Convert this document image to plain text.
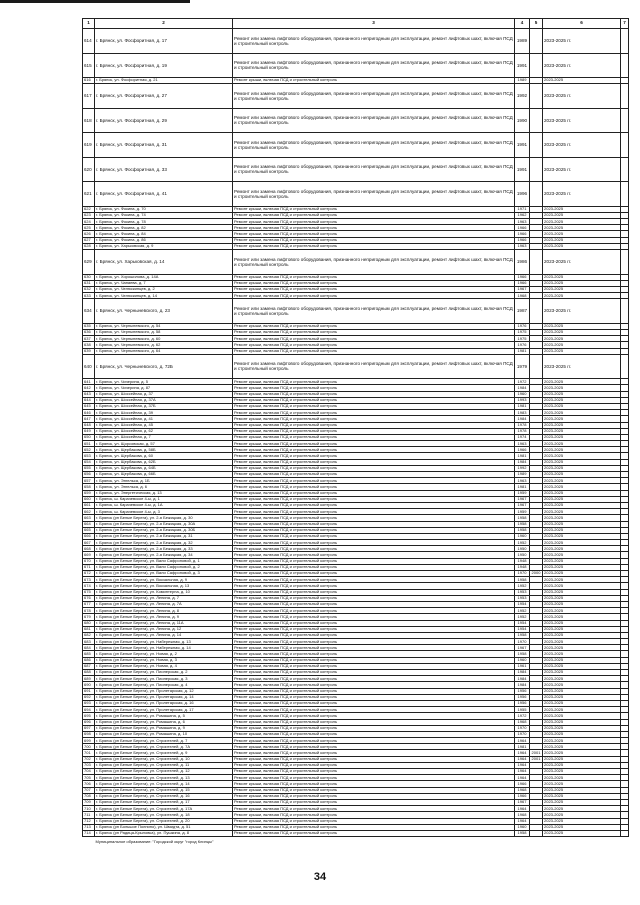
1	2	3	4	5	6	7
614	г. Брянск, ул. Фосфоритная, д. 17	Ремонт или замена лифтового оборудования, признанного непригодным для эксплуатации, ремонт лифтовых шахт, включая ПСД и строительный контроль	1989		2023-2025 гг.	
615	г. Брянск, ул. Фосфоритная, д. 19	Ремонт или замена лифтового оборудования, признанного непригодным для эксплуатации, ремонт лифтовых шахт, включая ПСД и строительный контроль	1991		2023-2025 гг.	
616	г. Брянск, ул. Фосфоритная, д. 21	Ремонт крыши, включая ПСД и строительный контроль	1989		2023-2025	
617	г. Брянск, ул. Фосфоритная, д. 27	Ремонт или замена лифтового оборудования, признанного непригодным для эксплуатации, ремонт лифтовых шахт, включая ПСД и строительный контроль	1992		2023-2025 гг.	
618	г. Брянск, ул. Фосфоритная, д. 29	Ремонт или замена лифтового оборудования, признанного непригодным для эксплуатации, ремонт лифтовых шахт, включая ПСД и строительный контроль	1990		2023-2025 гг.	
619	г. Брянск, ул. Фосфоритная, д. 31	Ремонт или замена лифтового оборудования, признанного непригодным для эксплуатации, ремонт лифтовых шахт, включая ПСД и строительный контроль	1991		2023-2025 гг.	
620	г. Брянск, ул. Фосфоритная, д. 33	Ремонт или замена лифтового оборудования, признанного непригодным для эксплуатации, ремонт лифтовых шахт, включая ПСД и строительный контроль	1991		2023-2025 гг.	
621	г. Брянск, ул. Фосфоритная, д. 41	Ремонт или замена лифтового оборудования, признанного непригодным для эксплуатации, ремонт лифтовых шахт, включая ПСД и строительный контроль	1996		2023-2025 гг.	
622	г. Брянск, ул. Фокина, д. 70	Ремонт крыши, включая ПСД и строительный контроль	1971		2023-2025	
623	г. Брянск, ул. Фокина, д. 74	Ремонт крыши, включая ПСД и строительный контроль	1962		2023-2025	
624	г. Брянск, ул. Фокина, д. 78	Ремонт крыши, включая ПСД и строительный контроль	1963		2023-2025	
625	г. Брянск, ул. Фокина, д. 82	Ремонт крыши, включая ПСД и строительный контроль	1966		2023-2025	
626	г. Брянск, ул. Фокина, д. 84	Ремонт крыши, включая ПСД и строительный контроль	1966		2023-2025	
627	г. Брянск, ул. Фокина, д. 86	Ремонт крыши, включая ПСД и строительный контроль	1966		2023-2025	
628	г. Брянск, ул. Харьковская, д. 9	Ремонт крыши, включая ПСД и строительный контроль	1963		2023-2025	
629	г. Брянск, ул. Харьковская, д. 14	Ремонт или замена лифтового оборудования, признанного непригодным для эксплуатации, ремонт лифтовых шахт, включая ПСД и строительный контроль	1986		2023-2025 гг.	
630	г. Брянск, ул. Хорошилова, д. 14А	Ремонт крыши, включая ПСД и строительный контроль	1966		2023-2025	
631	г. Брянск, ул. Чапаева, д. 7	Ремонт крыши, включая ПСД и строительный контроль	1966		2023-2025	
632	г. Брянск, ул. Челюскинцев, д. 2	Ремонт крыши, включая ПСД и строительный контроль	1967		2023-2025	
633	г. Брянск, ул. Челюскинцев, д. 14	Ремонт крыши, включая ПСД и строительный контроль	1968		2023-2025	
634	г. Брянск, ул. Черныневского, д. 23	Ремонт или замена лифтового оборудования, признанного непригодным для эксплуатации, ремонт лифтовых шахт, включая ПСД и строительный контроль	1987		2023-2025 гг.	
635	г. Брянск, ул. Черныневского, д. 54	Ремонт крыши, включая ПСД и строительный контроль	1976		2023-2025	
636	г. Брянск, ул. Черныневского, д. 58	Ремонт крыши, включая ПСД и строительный контроль	1975		2023-2025	
637	г. Брянск, ул. Черныневского, д. 60	Ремонт крыши, включая ПСД и строительный контроль	1975		2023-2025	
638	г. Брянск, ул. Черныневского, д. 62	Ремонт крыши, включая ПСД и строительный контроль	1976		2023-2025	
639	г. Брянск, ул. Черныневского, д. 64	Ремонт крыши, включая ПСД и строительный контроль	1981		2023-2025	
640	г. Брянск, ул. Черныневского, д. 72Б	Ремонт или замена лифтового оборудования, признанного непригодным для эксплуатации, ремонт лифтовых шахт, включая ПСД и строительный контроль	1979		2023-2025 гг.	
641	г. Брянск, ул. Чичерина, д. 5	Ремонт крыши, включая ПСД и строительный контроль	1972		2023-2025	
642	г. Брянск, ул. Чичерина, д. 87	Ремонт крыши, включая ПСД и строительный контроль	1984		2023-2025	
643	г. Брянск, ул. Шоссейная, д. 37	Ремонт крыши, включая ПСД и строительный контроль	1960		2023-2025	
644	г. Брянск, ул. Шоссейная, д. 37А	Ремонт крыши, включая ПСД и строительный контроль	1993		2023-2025	
645	г. Брянск, ул. Шоссейная, д. 37Б	Ремонт крыши, включая ПСД и строительный контроль	1981		2023-2025	
646	г. Брянск, ул. Шоссейная, д. 39	Ремонт крыши, включая ПСД и строительный контроль	1983		2023-2025	
647	г. Брянск, ул. Шоссейная, д. 41	Ремонт крыши, включая ПСД и строительный контроль	1984		2023-2025	
648	г. Брянск, ул. Шоссейная, д. 45	Ремонт крыши, включая ПСД и строительный контроль	1978		2023-2025	
649	г. Брянск, ул. Шоссейная, д. 62	Ремонт крыши, включая ПСД и строительный контроль	1978		2023-2025	
650	г. Брянск, ул. Шоссейная, д. 7	Ремонт крыши, включая ПСД и строительный контроль	1974		2023-2025	
651	г. Брянск, ул. Щорсовская, д. 57	Ремонт крыши, включая ПСД и строительный контроль	1963		2023-2025	
652	г. Брянск, ул. Щербакова, д. 58Б	Ремонт крыши, включая ПСД и строительный контроль	1966		2023-2025	
653	г. Брянск, ул. Щербакова, д. 60	Ремонт крыши, включая ПСД и строительный контроль	1981		2023-2025	
654	г. Брянск, ул. Щербакова, д. 62Б	Ремонт крыши, включая ПСД и строительный контроль	1984		2023-2025	
655	г. Брянск, ул. Щербакова, д. 64Б	Ремонт крыши, включая ПСД и строительный контроль	1992		2023-2025	
656	г. Брянск, ул. Щербакова, д. 66Б	Ремонт крыши, включая ПСД и строительный контроль	1989		2023-2025	
657	г. Брянск, ул. Энгельса, д. 1Б	Ремонт крыши, включая ПСД и строительный контроль	1963		2023-2025	
658	г. Брянск, ул. Энгельса, д. 6	Ремонт крыши, включая ПСД и строительный контроль	1981		2023-2025	
659	г. Брянск, ул. Энергетическая, д. 13	Ремонт крыши, включая ПСД и строительный контроль	1959		2023-2025	
660	г. Брянск, ш. Карачевское 4-ы, д. 1	Ремонт крыши, включая ПСД и строительный контроль	1967		2023-2025	
661	г. Брянск, ш. Карачевское 4-ы, д. 1А	Ремонт крыши, включая ПСД и строительный контроль	1967		2023-2025	
662	г. Брянск, ш. Карачевское 4-ы, д. 3	Ремонт крыши, включая ПСД и строительный контроль	1959		2023-2025	
663	г. Брянск (рп Белые Берега), ул. 2-я Бежицкая, д. 30	Ремонт крыши, включая ПСД и строительный контроль	1958		2023-2025	
664	г. Брянск (рп Белые Берега), ул. 2-я Бежицкая, д. 30А	Ремонт крыши, включая ПСД и строительный контроль	1958		2023-2025	
665	г. Брянск (рп Белые Берега), ул. 2-я Бежицкая, д. 30Б	Ремонт крыши, включая ПСД и строительный контроль	1958		2023-2025	
666	г. Брянск (рп Белые Берега), ул. 2-я Бежицкая, д. 31	Ремонт крыши, включая ПСД и строительный контроль	1960		2023-2025	
667	г. Брянск (рп Белые Берега), ул. 2-я Бежицкая, д. 32	Ремонт крыши, включая ПСД и строительный контроль	1952		2023-2025	
668	г. Брянск (рп Белые Берега), ул. 2-я Бежицкая, д. 33	Ремонт крыши, включая ПСД и строительный контроль	1950		2023-2025	
669	г. Брянск (рп Белые Берега), ул. 2-я Бежицкая, д. 34	Ремонт крыши, включая ПСД и строительный контроль	1950		2023-2025	
670	г. Брянск (рп Белые Берега), ул. Вали Сафроновой, д. 1	Ремонт крыши, включая ПСД и строительный контроль	1948		2023-2025	
671	г. Брянск (рп Белые Берега), ул. Вали Сафроновой, д. 2	Ремонт крыши, включая ПСД и строительный контроль	1948		2023-2025	
672	г. Брянск (рп Белые Берега), ул. Вали Сафроновой, д. 3	Ремонт крыши, включая ПСД и строительный контроль	1970	2000	2023-2025	
673	г. Брянск (рп Белые Берега), ул. Вокзальная, д. 9	Ремонт крыши, включая ПСД и строительный контроль	1958		2023-2025	
674	г. Брянск (рп Белые Берега), ул. Вокзальная, д. 13	Ремонт крыши, включая ПСД и строительный контроль	1952		2023-2025	
675	г. Брянск (рп Белые Берега), ул. Коминтерна, д. 10	Ремонт крыши, включая ПСД и строительный контроль	1953		2023-2025	
676	г. Брянск (рп Белые Берега), ул. Ленина, д. 7	Ремонт крыши, включая ПСД и строительный контроль	1953		2023-2025	
677	г. Брянск (рп Белые Берега), ул. Ленина, д. 7А	Ремонт крыши, включая ПСД и строительный контроль	1954		2023-2025	
678	г. Брянск (рп Белые Берега), ул. Ленина, д. 8	Ремонт крыши, включая ПСД и строительный контроль	1952		2023-2025	
679	г. Брянск (рп Белые Берега), ул. Ленина, д. 9	Ремонт крыши, включая ПСД и строительный контроль	1952		2023-2025	
680	г. Брянск (рп Белые Берега), ул. Ленина, д. 11А	Ремонт крыши, включая ПСД и строительный контроль	1954		2023-2025	
681	г. Брянск (рп Белые Берега), ул. Ленина, д. 12	Ремонт крыши, включая ПСД и строительный контроль	1954		2023-2025	
682	г. Брянск (рп Белые Берега), ул. Ленина, д. 14	Ремонт крыши, включая ПСД и строительный контроль	1958		2023-2025	
683	г. Брянск (рп Белые Берега), ул. Набережная, д. 13	Ремонт крыши, включая ПСД и строительный контроль	1970		2023-2025	
684	г. Брянск (рп Белые Берега), ул. Набережная, д. 14	Ремонт крыши, включая ПСД и строительный контроль	1967		2023-2025	
685	г. Брянск (рп Белые Берега), ул. Новая, д. 2	Ремонт крыши, включая ПСД и строительный контроль	1958		2023-2025	
686	г. Брянск (рп Белые Берега), ул. Новая, д. 3	Ремонт крыши, включая ПСД и строительный контроль	1960		2023-2025	
687	г. Брянск (рп Белые Берега), ул. Новая, д. 4	Ремонт крыши, включая ПСД и строительный контроль	1961		2023-2025	
688	г. Брянск (рп Белые Берега), ул. Пионерская, д. 2	Ремонт крыши, включая ПСД и строительный контроль	1984		2023-2025	
689	г. Брянск (рп Белые Берега), ул. Пионерская, д. 3	Ремонт крыши, включая ПСД и строительный контроль	1984		2023-2025	
690	г. Брянск (рп Белые Берега), ул. Пионерская, д. 4	Ремонт крыши, включая ПСД и строительный контроль	1984		2023-2025	
691	г. Брянск (рп Белые Берега), ул. Пролетарская, д. 12	Ремонт крыши, включая ПСД и строительный контроль	1956		2023-2025	
692	г. Брянск (рп Белые Берега), ул. Пролетарская, д. 14	Ремонт крыши, включая ПСД и строительный контроль	1956		2023-2025	
693	г. Брянск (рп Белые Берега), ул. Пролетарская, д. 16	Ремонт крыши, включая ПСД и строительный контроль	1956		2023-2025	
694	г. Брянск (рп Белые Берега), ул. Пролетарская, д. 17	Ремонт крыши, включая ПСД и строительный контроль	1955		2023-2025	
695	г. Брянск (рп Белые Берега), ул. Ромашина, д. 5	Ремонт крыши, включая ПСД и строительный контроль	1972		2023-2025	
696	г. Брянск (рп Белые Берега), ул. Ромашина, д. 6	Ремонт крыши, включая ПСД и строительный контроль	1968		2023-2025	
697	г. Брянск (рп Белые Берега), ул. Ромашина, д. 9	Ремонт крыши, включая ПСД и строительный контроль	1970		2023-2025	
698	г. Брянск (рп Белые Берега), ул. Ромашина, д. 10	Ремонт крыши, включая ПСД и строительный контроль	1970		2023-2025	
699	г. Брянск (рп Белые Берега), ул. Строителей, д. 7	Ремонт крыши, включая ПСД и строительный контроль	1964		2023-2025	
700	г. Брянск (рп Белые Берега), ул. Строителей, д. 7А	Ремонт крыши, включая ПСД и строительный контроль	1981		2023-2025	
701	г. Брянск (рп Белые Берега), ул. Строителей, д. 9	Ремонт крыши, включая ПСД и строительный контроль	1964	2001	2023-2025	
702	г. Брянск (рп Белые Берега), ул. Строителей, д. 10	Ремонт крыши, включая ПСД и строительный контроль	1964	2001	2023-2025	
703	г. Брянск (рп Белые Берега), ул. Строителей, д. 11	Ремонт крыши, включая ПСД и строительный контроль	1964		2023-2025	
704	г. Брянск (рп Белые Берега), ул. Строителей, д. 12	Ремонт крыши, включая ПСД и строительный контроль	1964		2023-2025	
705	г. Брянск (рп Белые Берега), ул. Строителей, д. 13	Ремонт крыши, включая ПСД и строительный контроль	1964		2023-2025	
706	г. Брянск (рп Белые Берега), ул. Строителей, д. 14	Ремонт крыши, включая ПСД и строительный контроль	1966		2023-2025	
707	г. Брянск (рп Белые Берега), ул. Строителей, д. 15	Ремонт крыши, включая ПСД и строительный контроль	1968		2023-2025	
708	г. Брянск (рп Белые Берега), ул. Строителей, д. 16	Ремонт крыши, включая ПСД и строительный контроль	1966		2023-2025	
709	г. Брянск (рп Белые Берега), ул. Строителей, д. 17	Ремонт крыши, включая ПСД и строительный контроль	1967		2023-2025	
710	г. Брянск (рп Белые Берега), ул. Строителей, д. 17А	Ремонт крыши, включая ПСД и строительный контроль	1964		2023-2025	
711	г. Брянск (рп Белые Берега), ул. Строителей, д. 18	Ремонт крыши, включая ПСД и строительный контроль	1968		2023-2025	
712	г. Брянск (рп Белые Берега), ул. Строителей, д. 20	Ремонт крыши, включая ПСД и строительный контроль	1964		2023-2025	
713	г. Брянск (рп Большое Полпино), ул. Шмидта, д. 51	Ремонт крыши, включая ПСД и строительный контроль	1960		2023-2025	
714	г. Брянск (рп Радица-Крыловка), ул. Пушкина, д. 8	Ремонт крыши, включая ПСД и строительный контроль	1958		2023-2025	
	Муниципальное образование: "Городской округ "город Клинцы"					
34
